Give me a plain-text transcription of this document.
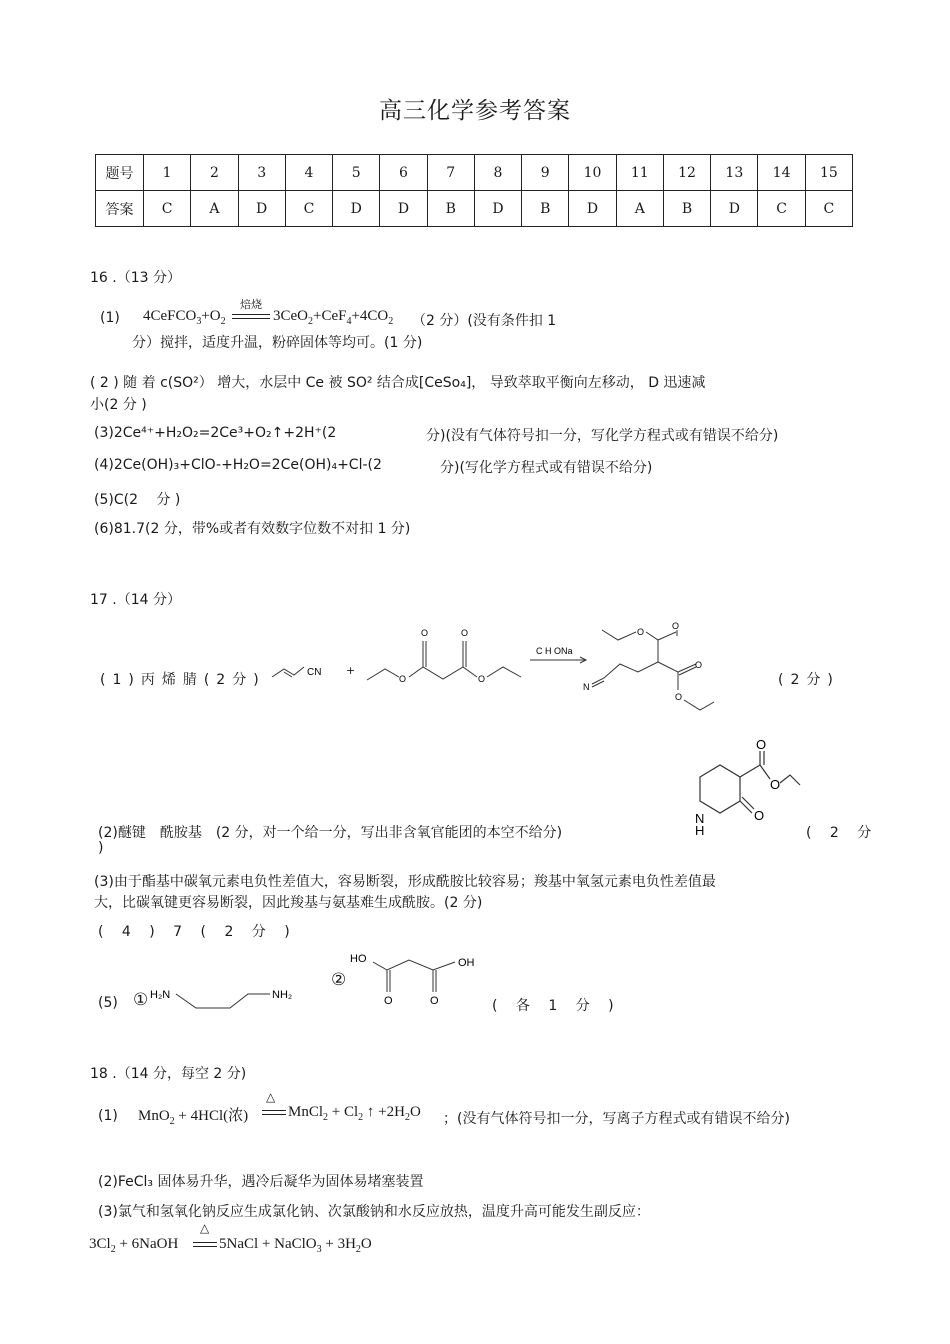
高三化学参考答案
题号	1	2	3	4	5	6	7	8	9	10	11	12	13	14	15
答案	C	A	D	C	D	D	B	D	B	D	A	B	D	C	C
16 .（13 分）
(1) $4CeFCO_3+O_2$
焙烧
$3CeO_2+CeF_4+4CO_2$ （2 分）(没有条件扣 1
分）搅拌，适度升温，粉碎固体等均可。(1 分)
( 2 ) 随 着 c(SO²） 增大，水层中 Ce 被 SO² 结合成[CeSo₄]， 导致萃取平衡向左移动， D 迅速减
小(2 分 )
(3)2Ce⁴⁺+H₂O₂=2Ce³+O₂↑+2H⁺(2	分)(没有气体符号扣一分，写化学方程式或有错误不给分)
(4)2Ce(OH)₃+ClO-+H₂O=2Ce(OH)₄+Cl-(2	分)(写化学方程式或有错误不给分)
(5)C(2　 分 )
(6)81.7(2 分，带%或者有效数字位数不对扣 1 分)
17 .（14 分）
(1)丙烯腈(2分)	CN +
O	O
O	O
C H ONa
O
O
O
O
N	(2分)
(2)醚键　酰胺基　(2 分，对一个给一分，写出非含氧官能团的本空不给分)
O
O
O
N
H	( 2 分
)
(3)由于酯基中碳氧元素电负性差值大，容易断裂，形成酰胺比较容易；羧基中氧氢元素电负性差值最
大，比碳氧键更容易断裂，因此羧基与氨基难生成酰胺。(2 分)
( 4 ) 7 ( 2 分 )
(5) ① H₂N	NH₂
②
HO	OH
O	O	( 各 1 分 )
18 .（14 分，每空 2 分)
(1) MnO$_2$ + 4HCl(浓)
△
MnCl$_2$ + $Cl_2$ ↑ $+2H_2O$ ；(没有气体符号扣一分，写离子方程式或有错误不给分)
(2)FeCl₃ 固体易升华，遇冷后凝华为固体易堵塞装置
(3)氯气和氢氧化钠反应生成氯化钠、次氯酸钠和水反应放热，温度升高可能发生副反应：
$3Cl_2$ + 6NaOH
△
5NaCl + NaClO$_3$ + $3H_2O$
